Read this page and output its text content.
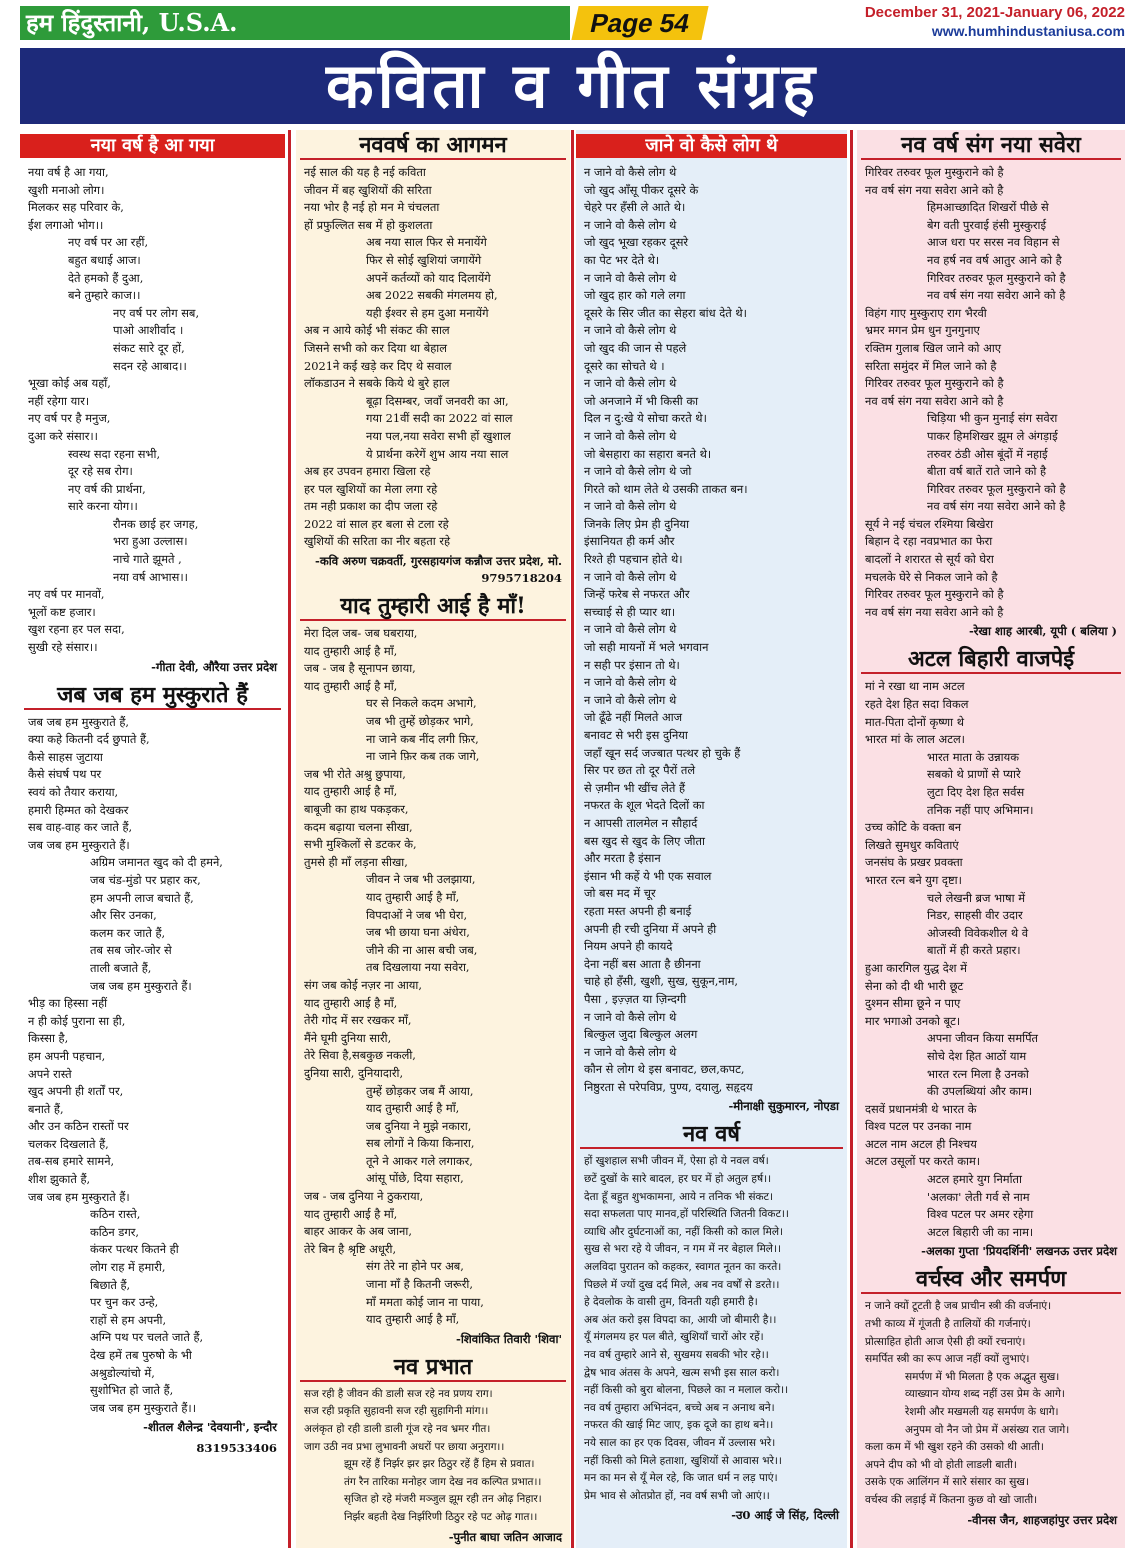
हम हिंदुस्तानी, U.S.A.	Page 54	December 31, 2021-January 06, 2022
www.humhindustaniusa.com
कविता व गीत संग्रह
नया वर्ष है आ गया
नया वर्ष है आ गया,
खुशी मनाओ लोग।
मिलकर सह परिवार के,
ईश लगाओ भोग।।
नए वर्ष पर आ रहीं,
बहुत बधाई आज।
देते हमको हैं दुआ,
बने तुम्हारे काज।।
नए वर्ष पर लोग सब,
पाओ आशीर्वाद ।
संकट सारे दूर हों,
सदन रहे आबाद।।
भूखा कोई अब यहाँ,
नहीं रहेगा यार।
नए वर्ष पर है मनुज,
दुआ करे संसार।।
स्वस्थ सदा रहना सभी,
दूर रहे सब रोग।
नए वर्ष की प्रार्थना,
सारे करना योग।।
रौनक छाई हर जगह,
भरा हुआ उल्लास।
नाचे गाते झूमते ,
नया वर्ष आभास।।
नए वर्ष पर मानवों,
भूलों कष्ट हजार।
खुश रहना हर पल सदा,
सुखी रहे संसार।।
-गीता देवी, औरैया उत्तर प्रदेश
जब जब हम मुस्कुराते हैं
जब जब हम मुस्कुराते हैं,
क्या कहे कितनी दर्द छुपाते हैं,
कैसे साहस जुटाया
कैसे संघर्ष पथ पर
स्वयं को तैयार कराया,
हमारी हिम्मत को देखकर
सब वाह-वाह कर जाते हैं,
जब जब हम मुस्कुराते हैं।
अग्रिम जमानत खुद को दी हमने,
जब चंड-मुंडो पर प्रहार कर,
हम अपनी लाज बचाते हैं,
और सिर उनका,
कलम कर जाते हैं,
तब सब जोर-जोर से
ताली बजाते हैं,
जब जब हम मुस्कुराते हैं।
भीड़ का हिस्सा नहीं
न ही कोई पुराना सा ही,
किस्सा है,
हम अपनी पहचान,
अपने रास्ते
खुद अपनी ही शर्तों पर,
बनाते हैं,
और उन कठिन रास्तों पर
चलकर दिखलाते हैं,
तब-सब हमारे सामने,
शीश झुकाते हैं,
जब जब हम मुस्कुराते हैं।
कठिन रास्ते,
कठिन डगर,
कंकर पत्थर कितने ही
लोग राह में हमारी,
बिछाते हैं,
पर चुन कर उन्हे,
राहों से हम अपनी,
अग्नि पथ पर चलते जाते हैं,
देख हमें तब पुरुषो के भी
अश्रुडोल्यांचो में,
सुशोभित हो जाते हैं,
जब जब हम मुस्कुराते हैं।।
-शीतल शैलेन्द्र 'देवयानी', इन्दौर
8319533406
नववर्ष का आगमन
नई साल की यह है नई कविता
जीवन में बह खुशियों की सरिता
नया भोर है नई हो मन मे चंचलता
हों प्रफुल्लित सब में हो कुशलता
अब नया साल फिर से मनायेंगे
फिर से सोई खुशियां जगायेंगे
अपनें कर्तव्यों को याद दिलायेंगे
अब 2022 सबकी मंगलमय हो,
यही ईश्वर से हम दुआ मनायेंगे
अब न आये कोई भी संकट की साल
जिसने सभी को कर दिया था बेहाल
2021ने कई खड़े कर दिए थे सवाल
लॉकडाउन ने सबके किये थे बुरे हाल
बूढ़ा दिसम्बर, जवाँ जनवरी का आ,
गया 21वीं सदी का 2022 वां साल
नया पल,नया सवेरा सभी हों खुशाल
ये प्रार्थना करेगें शुभ आय नया साल
अब हर उपवन हमारा खिला रहे
हर पल खुशियों का मेला लगा रहे
तम नही प्रकाश का दीप जला रहे
2022 वां साल हर बला से टला रहे
खुशियों की सरिता का नीर बहता रहे
-कवि अरुण चक्रवर्ती, गुरसहायगंज कन्नौज उत्तर प्रदेश, मो. 9795718204
याद तुम्हारी आई है माँ!
मेरा दिल जब- जब घबराया,
याद तुम्हारी आई है माँ,
जब - जब है सूनापन छाया,
याद तुम्हारी आई है माँ,
घर से निकले कदम अभागे,
जब भी तुम्हें छोड़कर भागे,
ना जाने कब नींद लगी फ़िर,
ना जाने फ़िर कब तक जागे,
जब भी रोते अश्रु छुपाया,
याद तुम्हारी आई है माँ,
बाबूजी का हाथ पकड़कर,
कदम बढ़ाया चलना सीखा,
सभी मुश्किलों से डटकर के,
तुमसे ही माँ लड़ना सीखा,
जीवन ने जब भी उलझाया,
याद तुम्हारी आई है माँ,
विपदाओं ने जब भी घेरा,
जब भी छाया घना अंधेरा,
जीने की ना आस बची जब,
तब दिखलाया नया सवेरा,
संग जब कोई नज़र ना आया,
याद तुम्हारी आई है माँ,
तेरी गोद में सर रखकर माँ,
मैंने घूमी दुनिया सारी,
तेरे सिवा है,सबकुछ नकली,
दुनिया सारी, दुनियादारी,
तुम्हें छोड़कर जब मैं आया,
याद तुम्हारी आई है माँ,
जब दुनिया ने मुझे नकारा,
सब लोगों ने किया किनारा,
तूने ने आकर गले लगाकर,
आंसू पोंछे, दिया सहारा,
जब - जब दुनिया ने ठुकराया,
याद तुम्हारी आई है माँ,
बाहर आकर के अब जाना,
तेरे बिन है श्रृष्टि अधूरी,
संग तेरे ना होने पर अब,
जाना माँ है कितनी जरूरी,
माँ ममता कोई जान ना पाया,
याद तुम्हारी आई है माँ,
-शिवांकित तिवारी 'शिवा'
नव प्रभात
सज रही है जीवन की डाली सज रहे नव प्रणय राग।
सज रही प्रकृति सुहावनी सज रही सुहागिनी मांग।।
अलंकृत हो रही डाली डाली गूंज रहे नव भ्रमर गीत।
जाग उठी नव प्रभा लुभावनी अधरों पर छाया अनुराग।।
झूम रहें हैं निर्झर झर झर ठिठुर रहें हैं हिम से प्रवात।
तंग रैन तारिका मनोहर जाग देख नव कल्पित प्रभात।।
सृजित हो रहे मंजरी मञ्जुल झूम रही तन ओढ़ निहार।
निर्झर बहती देख निर्झरिणी ठिठुर रहे पट ओढ़ गात।।
-पुनीत बाघा जतिन आजाद
जाने वो कैसे लोग थे
न जाने वो कैसे लोग थे
जो खुद आँसू पीकर दूसरे के
चेहरे पर हँसी ले आते थे।
न जाने वो कैसे लोग थे
जो खुद भूखा रहकर दूसरे
का पेट भर देते थे।
न जाने वो कैसे लोग थे
जो खुद हार को गले लगा
दूसरे के सिर जीत का सेहरा बांध देते थे।
न जाने वो कैसे लोग थे
जो खुद की जान से पहले
दूसरे का सोचते थे ।
न जाने वो कैसे लोग थे
जो अनजाने में भी किसी का
दिल न दु:खे ये सोचा करते थे।
न जाने वो कैसे लोग थे
जो बेसहारा का सहारा बनते थे।
न जाने वो कैसे लोग थे जो
गिरते को थाम लेते थे उसकी ताकत बन।
न जाने वो कैसे लोग थे
जिनके लिए प्रेम ही दुनिया
इंसानियत ही कर्म और
रिश्ते ही पहचान होते थे।
न जाने वो कैसे लोग थे
जिन्हें फरेब से नफरत और
सच्चाई से ही प्यार था।
न जाने वो कैसे लोग थे
जो सही मायनों में भले भगवान
न सही पर इंसान तो थे।
न जाने वो कैसे लोग थे
न जाने वो कैसे लोग थे
जो ढूँढे नहीं मिलते आज
बनावट से भरी इस दुनिया
जहाँ खून सर्द जज्बात पत्थर हो चुके हैं
सिर पर छत तो दूर पैरों तले
से ज़मीन भी खींच लेते हैं
नफरत के शूल भेदते दिलों का
न आपसी तालमेल न सौहार्द
बस खुद से खुद के लिए जीता
और मरता है इंसान
इंसान भी कहें ये भी एक सवाल
जो बस मद में चूर
रहता मस्त अपनी ही बनाई
अपनी ही रची दुनिया में अपने ही
नियम अपने ही कायदे
देना नहीं बस आता है छीनना
चाहे हो हँसी, खुशी, सुख, सुकून,नाम,
पैसा , इज़्ज़त या ज़िन्दगी
न जाने वो कैसे लोग थे
बिल्कुल जुदा बिल्कुल अलग
न जाने वो कैसे लोग थे
कौन से लोग थे इस बनावट, छल,कपट,
निष्ठुरता से परेपविप्र, पुण्य, दयालु, सहृदय
-मीनाक्षी सुकुमारन, नोएडा
नव वर्ष
हों खुशहाल सभी जीवन में, ऐसा हो ये नवल वर्ष।
छटें दुखों के सारे बादल, हर घर में हो अतुल हर्ष।।
देता हूँ बहुत शुभकामना, आये न तनिक भी संकट।
सदा सफलता पाए मानव,हों परिस्थिति जितनी विकट।।
व्याधि और दुर्घटनाओं का, नहीं किसी को काल मिले।
सुख से भरा रहे ये जीवन, न गम में नर बेहाल मिले।।
अलविदा पुरातन को कहकर, स्वागत नूतन का करते।
पिछले में ज्यों दुख दर्द मिले, अब नव वर्षों से डरते।।
हे देवलोक के वासी तुम, विनती यही हमारी है।
अब अंत करो इस विपदा का, आयी जो बीमारी है।।
यूँ मंगलमय हर पल बीते, खुशियाँ चारों ओर रहें।
नव वर्ष तुम्हारे आने से, सुखमय सबकी भोर रहे।।
द्वेष भाव अंतस के अपने, खत्म सभी इस साल करो।
नहीं किसी को बुरा बोलना, पिछले का न मलाल करो।।
नव वर्ष तुम्हारा अभिनंदन, बच्चे अब न अनाथ बने।
नफरत की खाई मिट जाए, इक दूजे का हाथ बने।।
नये साल का हर एक दिवस, जीवन में उल्लास भरे।
नहीं किसी को मिले हताशा, खुशियों से आवास भरे।।
मन का मन से यूँ मेल रहे, कि जात धर्म न लड़ पाएं।
प्रेम भाव से ओतप्रोत हों, नव वर्ष सभी जो आएं।।
-उ0 आई जे सिंह, दिल्ली
नव वर्ष संग नया सवेरा
गिरिवर तरुवर फूल मुस्कुराने को है
नव वर्ष संग नया सवेरा आने को है
हिमआच्छादित शिखरों पीछे से
बेग वती पुरवाई हंसी मुस्कुराई
आज धरा पर सरस नव विहान से
नव हर्ष नव वर्ष आतुर आने को है
गिरिवर तरुवर फूल मुस्कुराने को है
नव वर्ष संग नया सवेरा आने को है
विहंग गाए मुस्कुराए राग भैरवी
भ्रमर मगन प्रेम धुन गुनगुनाए
रक्तिम गुलाब खिल जाने को आए
सरिता समुंदर में मिल जाने को है
गिरिवर तरुवर फूल मुस्कुराने को है
नव वर्ष संग नया सवेरा आने को है
चिड़िया भी कुन मुनाई संग सवेरा
पाकर हिमशिखर झूम ले अंगड़ाई
तरुवर ठंडी ओस बूंदों में नहाई
बीता वर्ष बातें राते जाने को है
गिरिवर तरुवर फूल मुस्कुराने को है
नव वर्ष संग नया सवेरा आने को है
सूर्य ने नई चंचल रश्मिया बिखेरा
बिहान दे रहा नवप्रभात का फेरा
बादलों ने शरारत से सूर्य को घेरा
मचलके घेरे से निकल जाने को है
गिरिवर तरुवर फूल मुस्कुराने को है
नव वर्ष संग नया सवेरा आने को है
-रेखा शाह आरबी, यूपी ( बलिया )
अटल बिहारी वाजपेई
मां ने रखा था नाम अटल
रहते देश हित सदा विकल
मात-पिता दोनों कृष्णा थे
भारत मां के लाल अटल।
भारत माता के उन्नायक
सबको थे प्राणों से प्यारे
लुटा दिए देश हित सर्वस
तनिक नहीं पाए अभिमान।
उच्च कोटि के वक्ता बन
लिखते सुमधुर कविताएं
जनसंघ के प्रखर प्रवक्ता
भारत रत्न बने युग दृष्टा।
चले लेखनी ब्रज भाषा में
निडर, साहसी वीर उदार
ओजस्वी विवेकशील थे वे
बातों में ही करते प्रहार।
हुआ कारगिल युद्ध देश में
सेना को दी थी भारी छूट
दुश्मन सीमा छूने न पाए
मार भगाओ उनको बूट।
अपना जीवन किया समर्पित
सोचे देश हित आठों याम
भारत रत्न मिला है उनको
की उपलब्धियां और काम।
दसवें प्रधानमंत्री थे भारत के
विश्व पटल पर उनका नाम
अटल नाम अटल ही निश्चय
अटल उसूलों पर करते काम।
अटल हमारे युग निर्माता
'अलका' लेती गर्व से नाम
विश्व पटल पर अमर रहेगा
अटल बिहारी जी का नाम।
-अलका गुप्ता 'प्रियदर्शिनी' लखनऊ उत्तर प्रदेश
वर्चस्व और समर्पण
न जाने क्यों टूटती है जब प्राचीन स्त्री की वर्जनाएं।
तभी काव्य में गूंजती है तालियों की गर्जनाएं।
प्रोत्साहित होती आज ऐसी ही क्यों रचनाएं।
समर्पित स्त्री का रूप आज नहीं क्यों लुभाएं।
समर्पण में भी मिलता है एक अद्भुत सुख।
व्याख्यान योग्य शब्द नहीं उस प्रेम के आगे।
रेशमी और मखमली यह समर्पण के धागे।
अनुपम वो नैन जो प्रेम में असंख्य रात जागे।
कला कम में भी खुश रहने की उसको थी आती।
अपने दीप को भी वो होती लाडली बाती।
उसके एक आलिंगन में सारे संसार का सुख।
वर्चस्व की लड़ाई में कितना कुछ वो खो जाती।
-वीनस जैन, शाहजहांपुर उत्तर प्रदेश
